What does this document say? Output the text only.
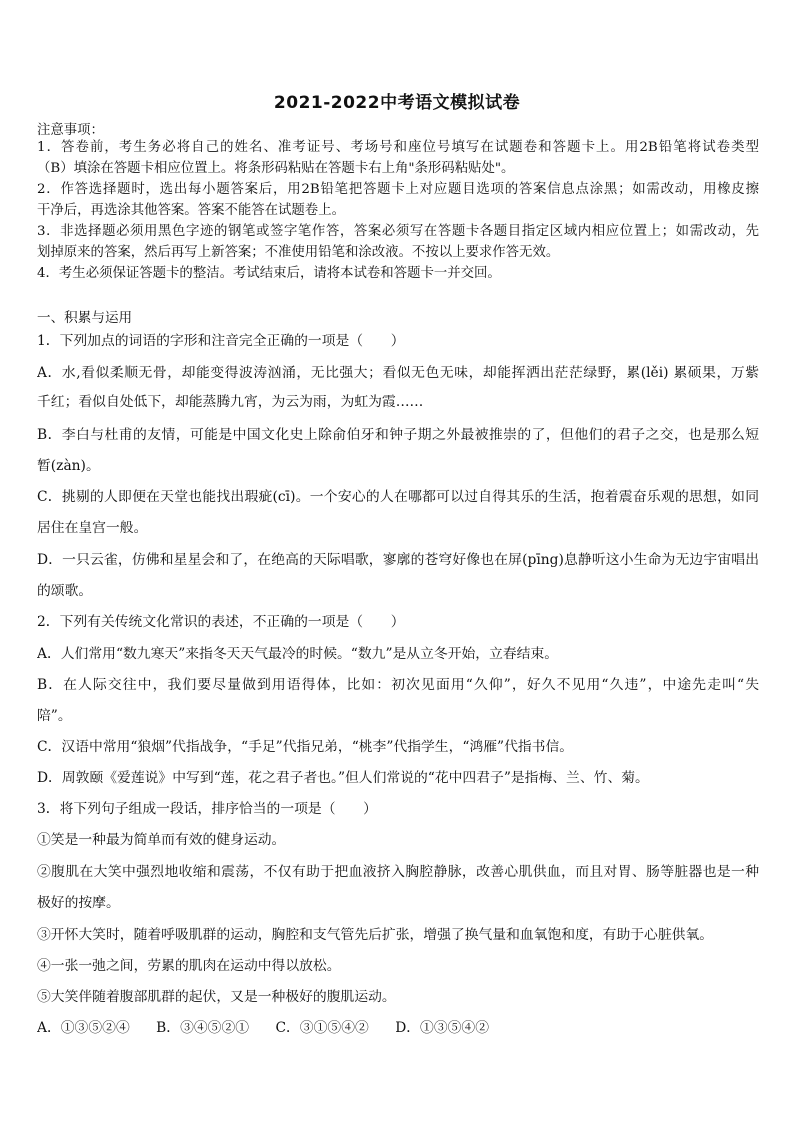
2021-2022中考语文模拟试卷
注意事项：
1．答卷前，考生务必将自己的姓名、准考证号、考场号和座位号填写在试题卷和答题卡上。用2B铅笔将试卷类型
（B）填涂在答题卡相应位置上。将条形码粘贴在答题卡右上角"条形码粘贴处"。
2．作答选择题时，选出每小题答案后，用2B铅笔把答题卡上对应题目选项的答案信息点涂黑；如需改动，用橡皮擦
干净后，再选涂其他答案。答案不能答在试题卷上。
3．非选择题必须用黑色字迹的钢笔或签字笔作答，答案必须写在答题卡各题目指定区域内相应位置上；如需改动，先
划掉原来的答案，然后再写上新答案；不准使用铅笔和涂改液。不按以上要求作答无效。
4．考生必须保证答题卡的整洁。考试结束后，请将本试卷和答题卡一并交回。
一、积累与运用
1．下列加点的词语的字形和注音完全正确的一项是（　　）
A．水,看似柔顺无骨，却能变得波涛汹涌，无比强大；看似无色无味，却能挥洒出茫茫绿野，累(lěi) 累硕果，万紫
千红；看似自处低下，却能蒸腾九宵，为云为雨，为虹为霞……
B．李白与杜甫的友情，可能是中国文化史上除俞伯牙和钟子期之外最被推崇的了，但他们的君子之交，也是那么短
暂(zàn)。
C．挑剔的人即便在天堂也能找出瑕疵(cī)。一个安心的人在哪都可以过自得其乐的生活，抱着震奋乐观的思想，如同
居住在皇宫一般。
D．一只云雀，仿佛和星星会和了，在绝高的天际唱歌，寥廓的苍穹好像也在屏(pīng)息静听这小生命为无边宇宙唱出
的颂歌。
2．下列有关传统文化常识的表述，不正确的一项是（　　）
A．人们常用“数九寒天”来指冬天天气最冷的时候。“数九”是从立冬开始，立春结束。
B．在人际交往中，我们要尽量做到用语得体，比如：初次见面用“久仰”，好久不见用“久违”，中途先走叫“失
陪”。
C．汉语中常用“狼烟”代指战争，“手足”代指兄弟，“桃李”代指学生，“鸿雁”代指书信。
D．周敦颐《爱莲说》中写到“莲，花之君子者也。”但人们常说的“花中四君子”是指梅、兰、竹、菊。
3．将下列句子组成一段话，排序恰当的一项是（　　）
①笑是一种最为简单而有效的健身运动。
②腹肌在大笑中强烈地收缩和震荡，不仅有助于把血液挤入胸腔静脉，改善心肌供血，而且对胃、肠等脏器也是一种
极好的按摩。
③开怀大笑时，随着呼吸肌群的运动，胸腔和支气管先后扩张，增强了换气量和血氧饱和度，有助于心脏供氧。
④一张一弛之间，劳累的肌肉在运动中得以放松。
⑤大笑伴随着腹部肌群的起伏，又是一种极好的腹肌运动。
A．①③⑤②④ B．③④⑤②① C．③①⑤④② D．①③⑤④②
